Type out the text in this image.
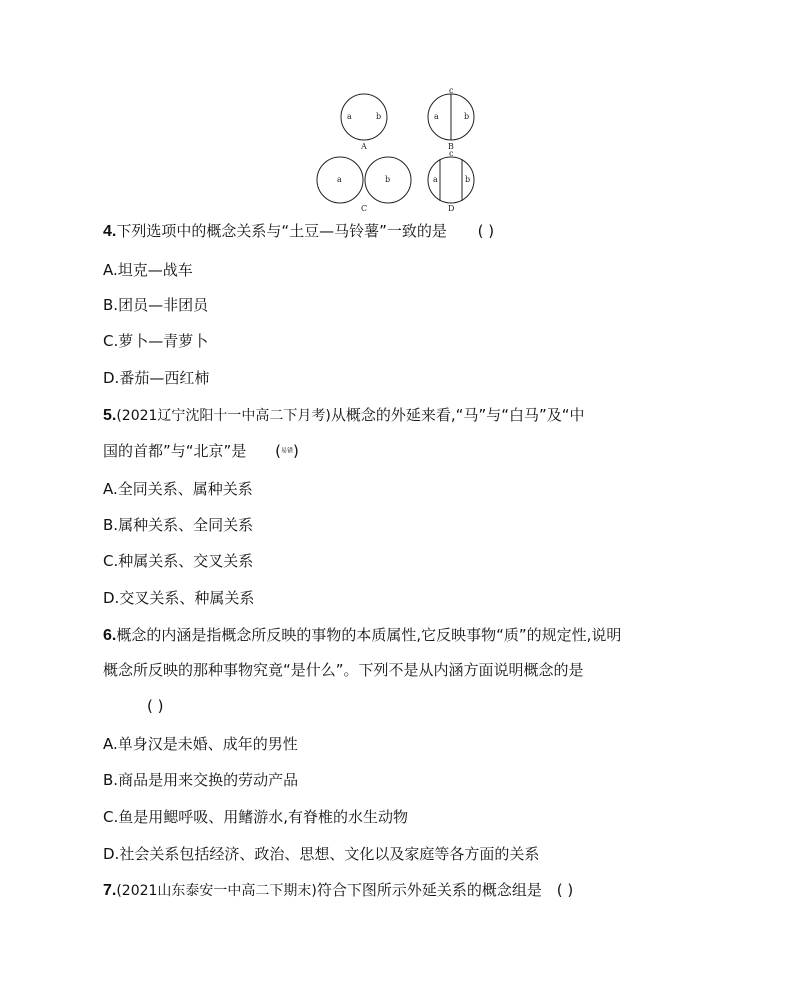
a	b
A
c
a	b
B
a	b
C
c
a	b
D
4.下列选项中的概念关系与“土豆—马铃薯”一致的是 ( )
A.坦克—战车
B.团员—非团员
C.萝卜—青萝卜
D.番茄—西红柿
5.(2021辽宁沈阳十一中高二下月考)从概念的外延来看,“马”与“白马”及“中
国的首都”与“北京”是 (易错)
A.全同关系、属种关系
B.属种关系、全同关系
C.种属关系、交叉关系
D.交叉关系、种属关系
6.概念的内涵是指概念所反映的事物的本质属性,它反映事物“质”的规定性,说明
概念所反映的那种事物究竟“是什么”。下列不是从内涵方面说明概念的是
( )
A.单身汉是未婚、成年的男性
B.商品是用来交换的劳动产品
C.鱼是用鳃呼吸、用鳍游水,有脊椎的水生动物
D.社会关系包括经济、政治、思想、文化以及家庭等各方面的关系
7.(2021山东泰安一中高二下期末)符合下图所示外延关系的概念组是 ( )
